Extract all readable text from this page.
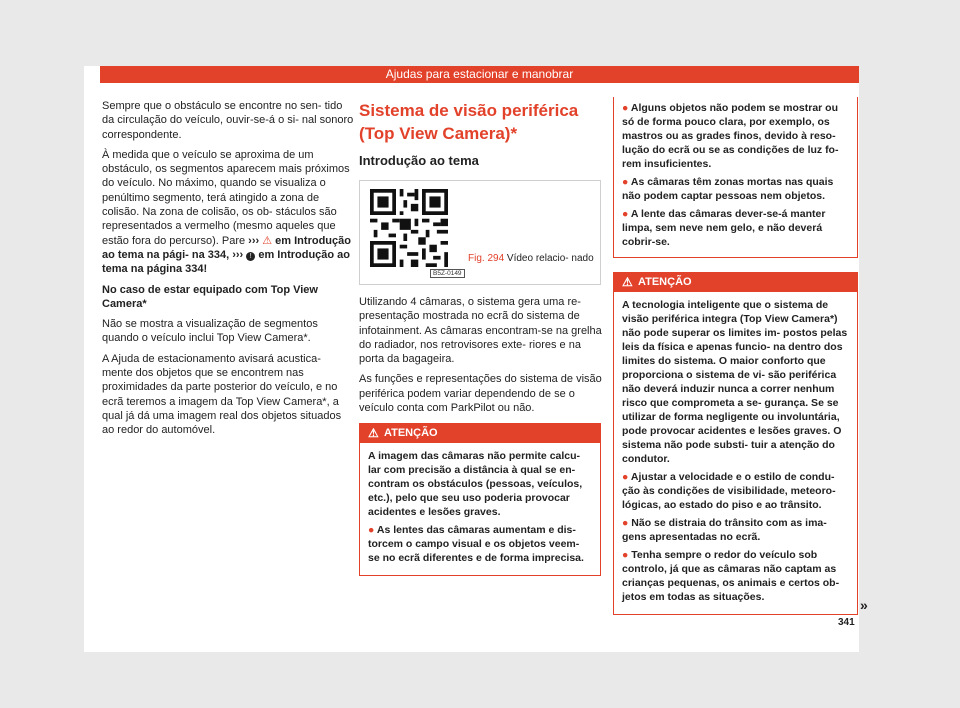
Ajudas para estacionar e manobrar

Sempre que o obstáculo se encontre no sen- tido da circulação do veículo, ouvir-se-á o si- nal sonoro correspondente.

À medida que o veículo se aproxima de um obstáculo, os segmentos aparecem mais próximos do veículo. No máximo, quando se visualiza o penúltimo segmento, terá atingido a zona de colisão. Na zona de colisão, os ob- stáculos são representados a vermelho (mesmo aqueles que estão fora do percurso). Pare ››› ⚠ em Introdução ao tema na pági- na 334, ››› ! em Introdução ao tema na página 334!

No caso de estar equipado com Top View Camera*

Não se mostra a visualização de segmentos quando o veículo inclui Top View Camera*.

A Ajuda de estacionamento avisará acustica- mente dos objetos que se encontrem nas proximidades da parte posterior do veículo, e no ecrã teremos a imagem da Top View Camera*, a qual já dá uma imagem real dos objetos situados ao redor do automóvel.

Sistema de visão periférica (Top View Camera)*
Introdução ao tema
B5Z-0149
Fig. 294 Vídeo relacio- nado

Utilizando 4 câmaras, o sistema gera uma re- presentação mostrada no ecrã do sistema de infotainment. As câmaras encontram-se na grelha do radiador, nos retrovisores exte- riores e na porta da bagageira.

As funções e representações do sistema de visão periférica podem variar dependendo de se o veículo conta com ParkPilot ou não.

⚠ ATENÇÃO

A imagem das câmaras não permite calcu- lar com precisão a distância à qual se en- contram os obstáculos (pessoas, veículos, etc.), pelo que seu uso poderia provocar acidentes e lesões graves.

● As lentes das câmaras aumentam e dis- torcem o campo visual e os objetos veem- se no ecrã diferentes e de forma imprecisa.

● Alguns objetos não podem se mostrar ou só de forma pouco clara, por exemplo, os mastros ou as grades finos, devido à reso- lução do ecrã ou se as condições de luz fo- rem insuficientes.

● As câmaras têm zonas mortas nas quais não podem captar pessoas nem objetos.

● A lente das câmaras dever-se-á manter limpa, sem neve nem gelo, e não deverá cobrir-se.

⚠ ATENÇÃO

A tecnologia inteligente que o sistema de visão periférica integra (Top View Camera*) não pode superar os limites im- postos pelas leis da física e apenas funcio- na dentro dos limites do sistema. O maior conforto que proporciona o sistema de vi- são periférica não deverá induzir nunca a correr nenhum risco que comprometa a se- gurança. Se se utilizar de forma negligente ou involuntária, pode provocar acidentes e lesões graves. O sistema não pode substi- tuir a atenção do condutor.

● Ajustar a velocidade e o estilo de condu- ção às condições de visibilidade, meteoro- lógicas, ao estado do piso e ao trânsito.

● Não se distraia do trânsito com as ima- gens apresentadas no ecrã.

● Tenha sempre o redor do veículo sob controlo, já que as câmaras não captam as crianças pequenas, os animais e certos ob- jetos em todas as situações.	»
341
